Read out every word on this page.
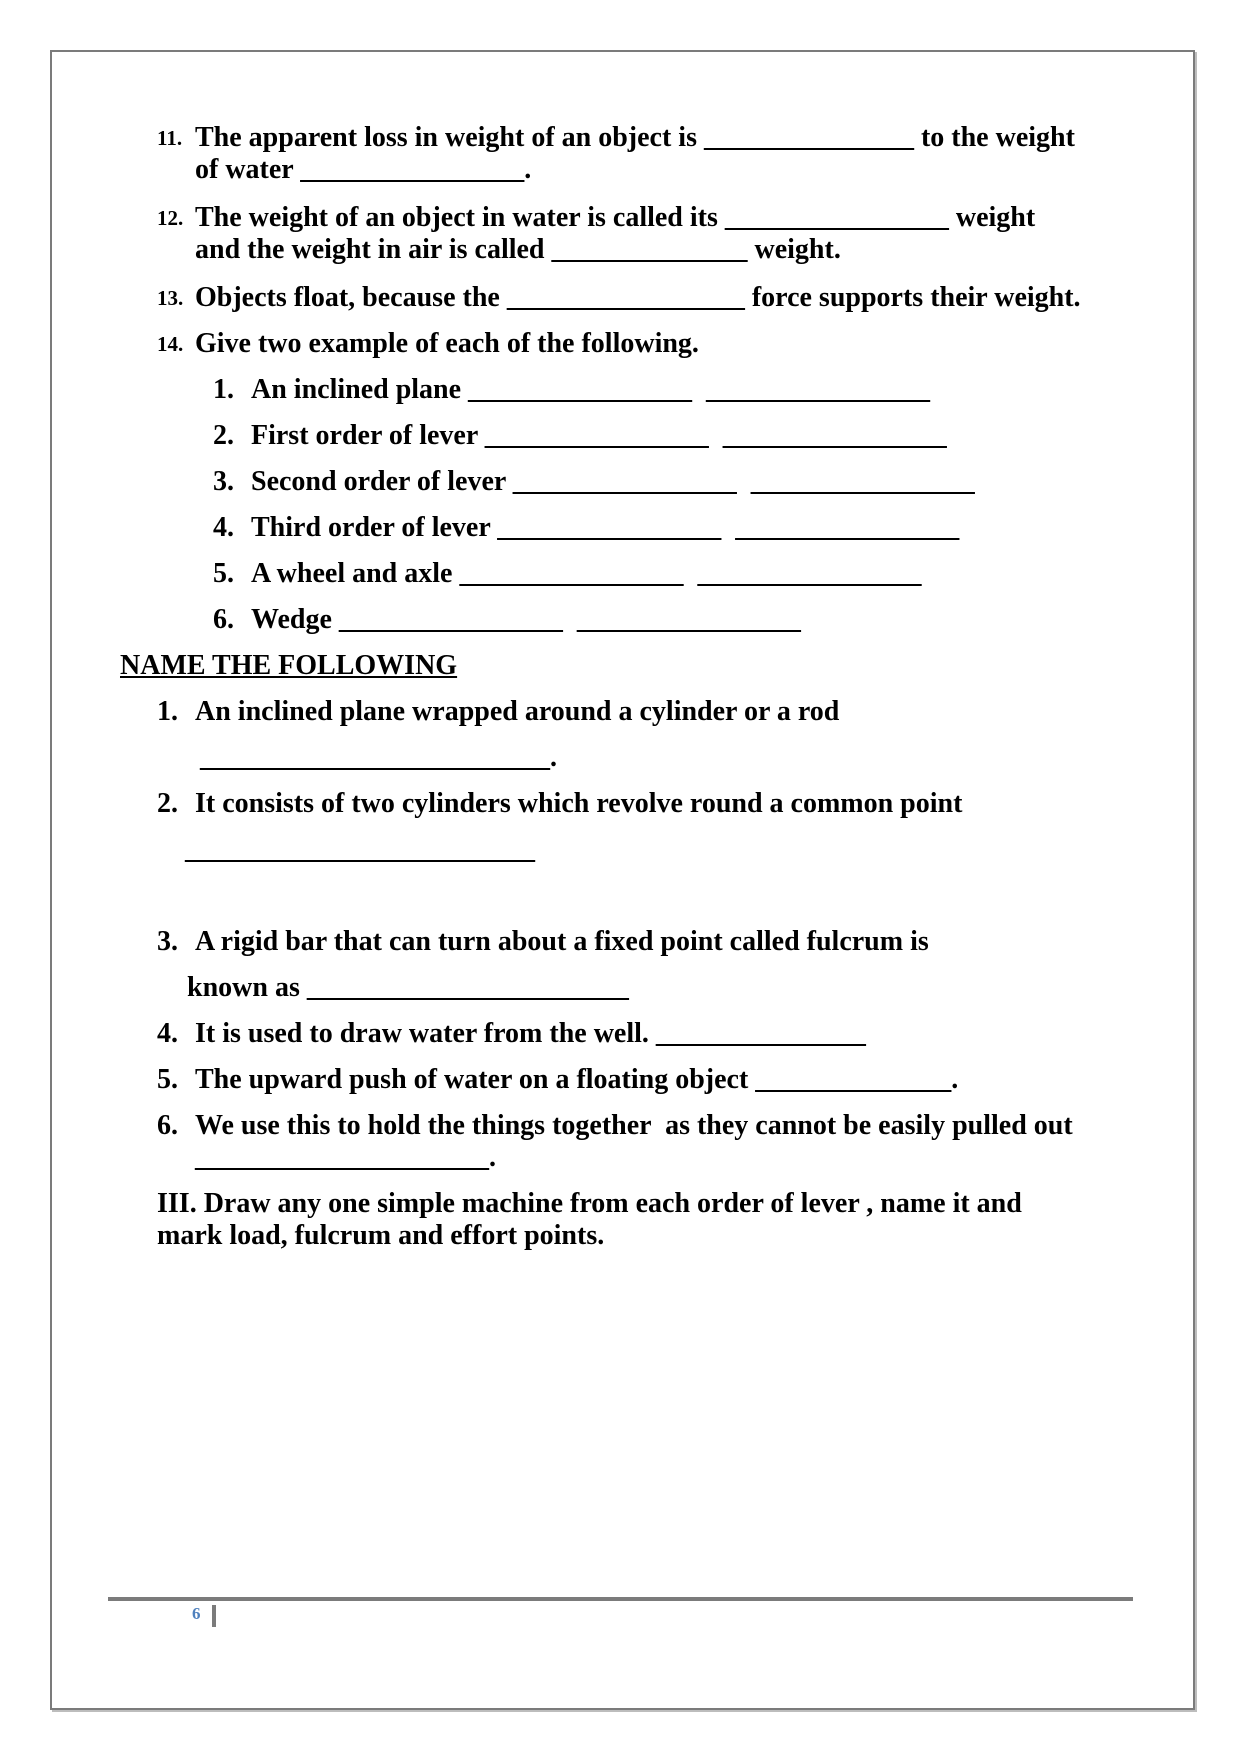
11. The apparent loss in weight of an object is _______________ to the weight

of water ________________.

12. The weight of an object in water is called its ________________ weight

and the weight in air is called ______________ weight.

13. Objects float, because the _________________ force supports their weight.

14. Give two example of each of the following.

1. An inclined plane ________________  ________________

2. First order of lever ________________  ________________

3. Second order of lever ________________  ________________

4. Third order of lever ________________  ________________

5. A wheel and axle ________________  ________________

6. Wedge ________________  ________________

NAME THE FOLLOWING

1. An inclined plane wrapped around a cylinder or a rod

_________________________.

2. It consists of two cylinders which revolve round a common point

_________________________

3. A rigid bar that can turn about a fixed point called fulcrum is

known as _______________________

4. It is used to draw water from the well. _______________

5. The upward push of water on a floating object ______________.

6. We use this to hold the things together  as they cannot be easily pulled out

_____________________.

III. Draw any one simple machine from each order of lever , name it and

mark load, fulcrum and effort points.

6
